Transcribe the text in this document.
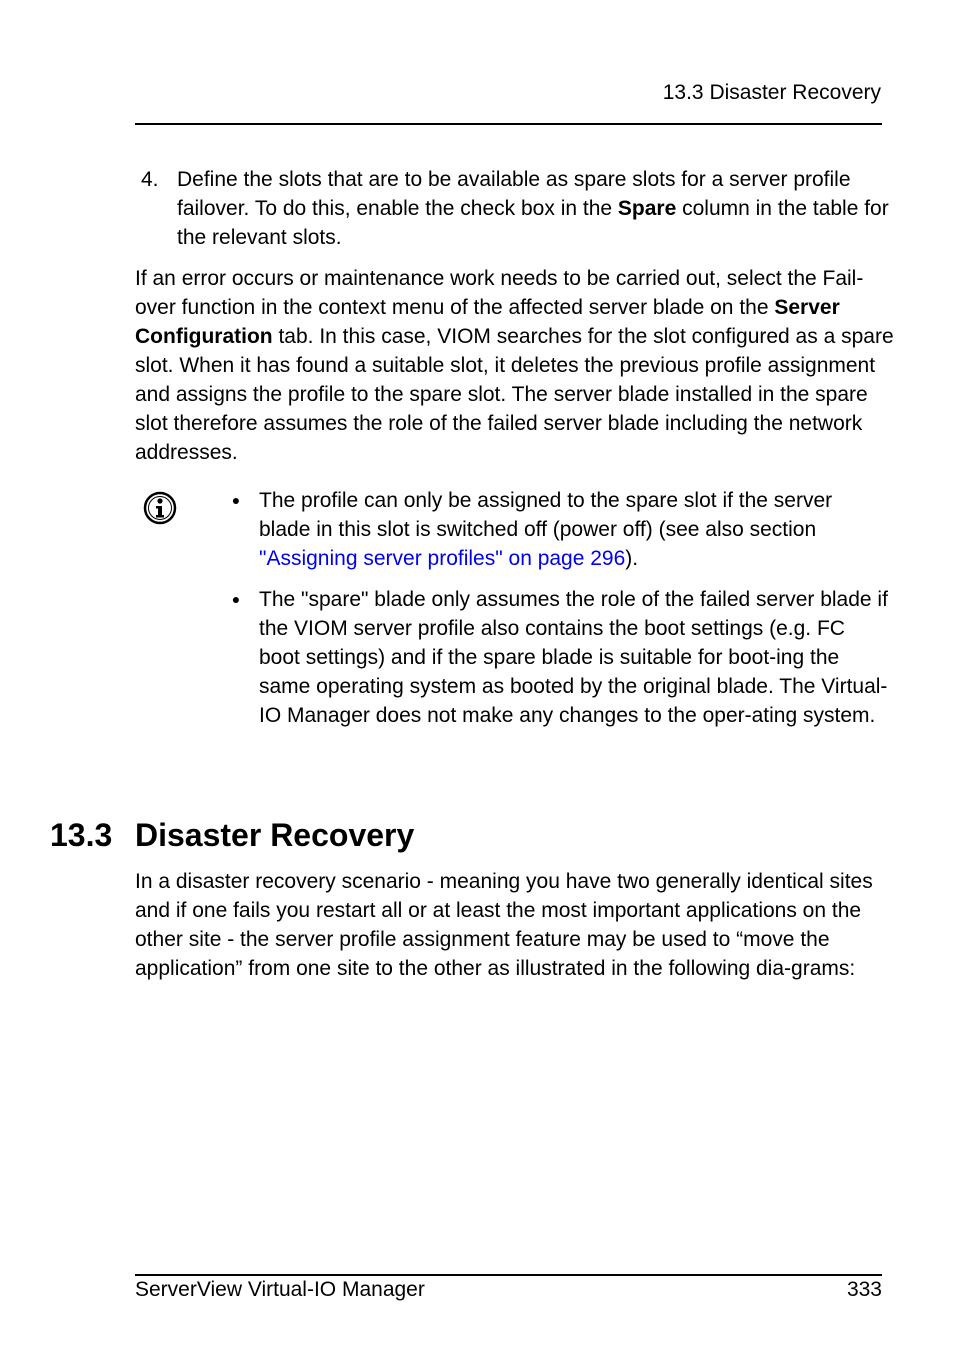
13.3 Disaster Recovery
4. Define the slots that are to be available as spare slots for a server profile failover. To do this, enable the check box in the Spare column in the table for the relevant slots.
If an error occurs or maintenance work needs to be carried out, select the Fail-over function in the context menu of the affected server blade on the Server Configuration tab. In this case, VIOM searches for the slot configured as a spare slot. When it has found a suitable slot, it deletes the previous profile assignment and assigns the profile to the spare slot. The server blade installed in the spare slot therefore assumes the role of the failed server blade including the network addresses.
● The profile can only be assigned to the spare slot if the server blade in this slot is switched off (power off) (see also section "Assigning server profiles" on page 296).
● The "spare" blade only assumes the role of the failed server blade if the VIOM server profile also contains the boot settings (e.g. FC boot settings) and if the spare blade is suitable for boot-ing the same operating system as booted by the original blade. The Virtual-IO Manager does not make any changes to the oper-ating system.
13.3 Disaster Recovery
In a disaster recovery scenario - meaning you have two generally identical sites and if one fails you restart all or at least the most important applications on the other site - the server profile assignment feature may be used to “move the application” from one site to the other as illustrated in the following dia-grams:
ServerView Virtual-IO Manager	333
